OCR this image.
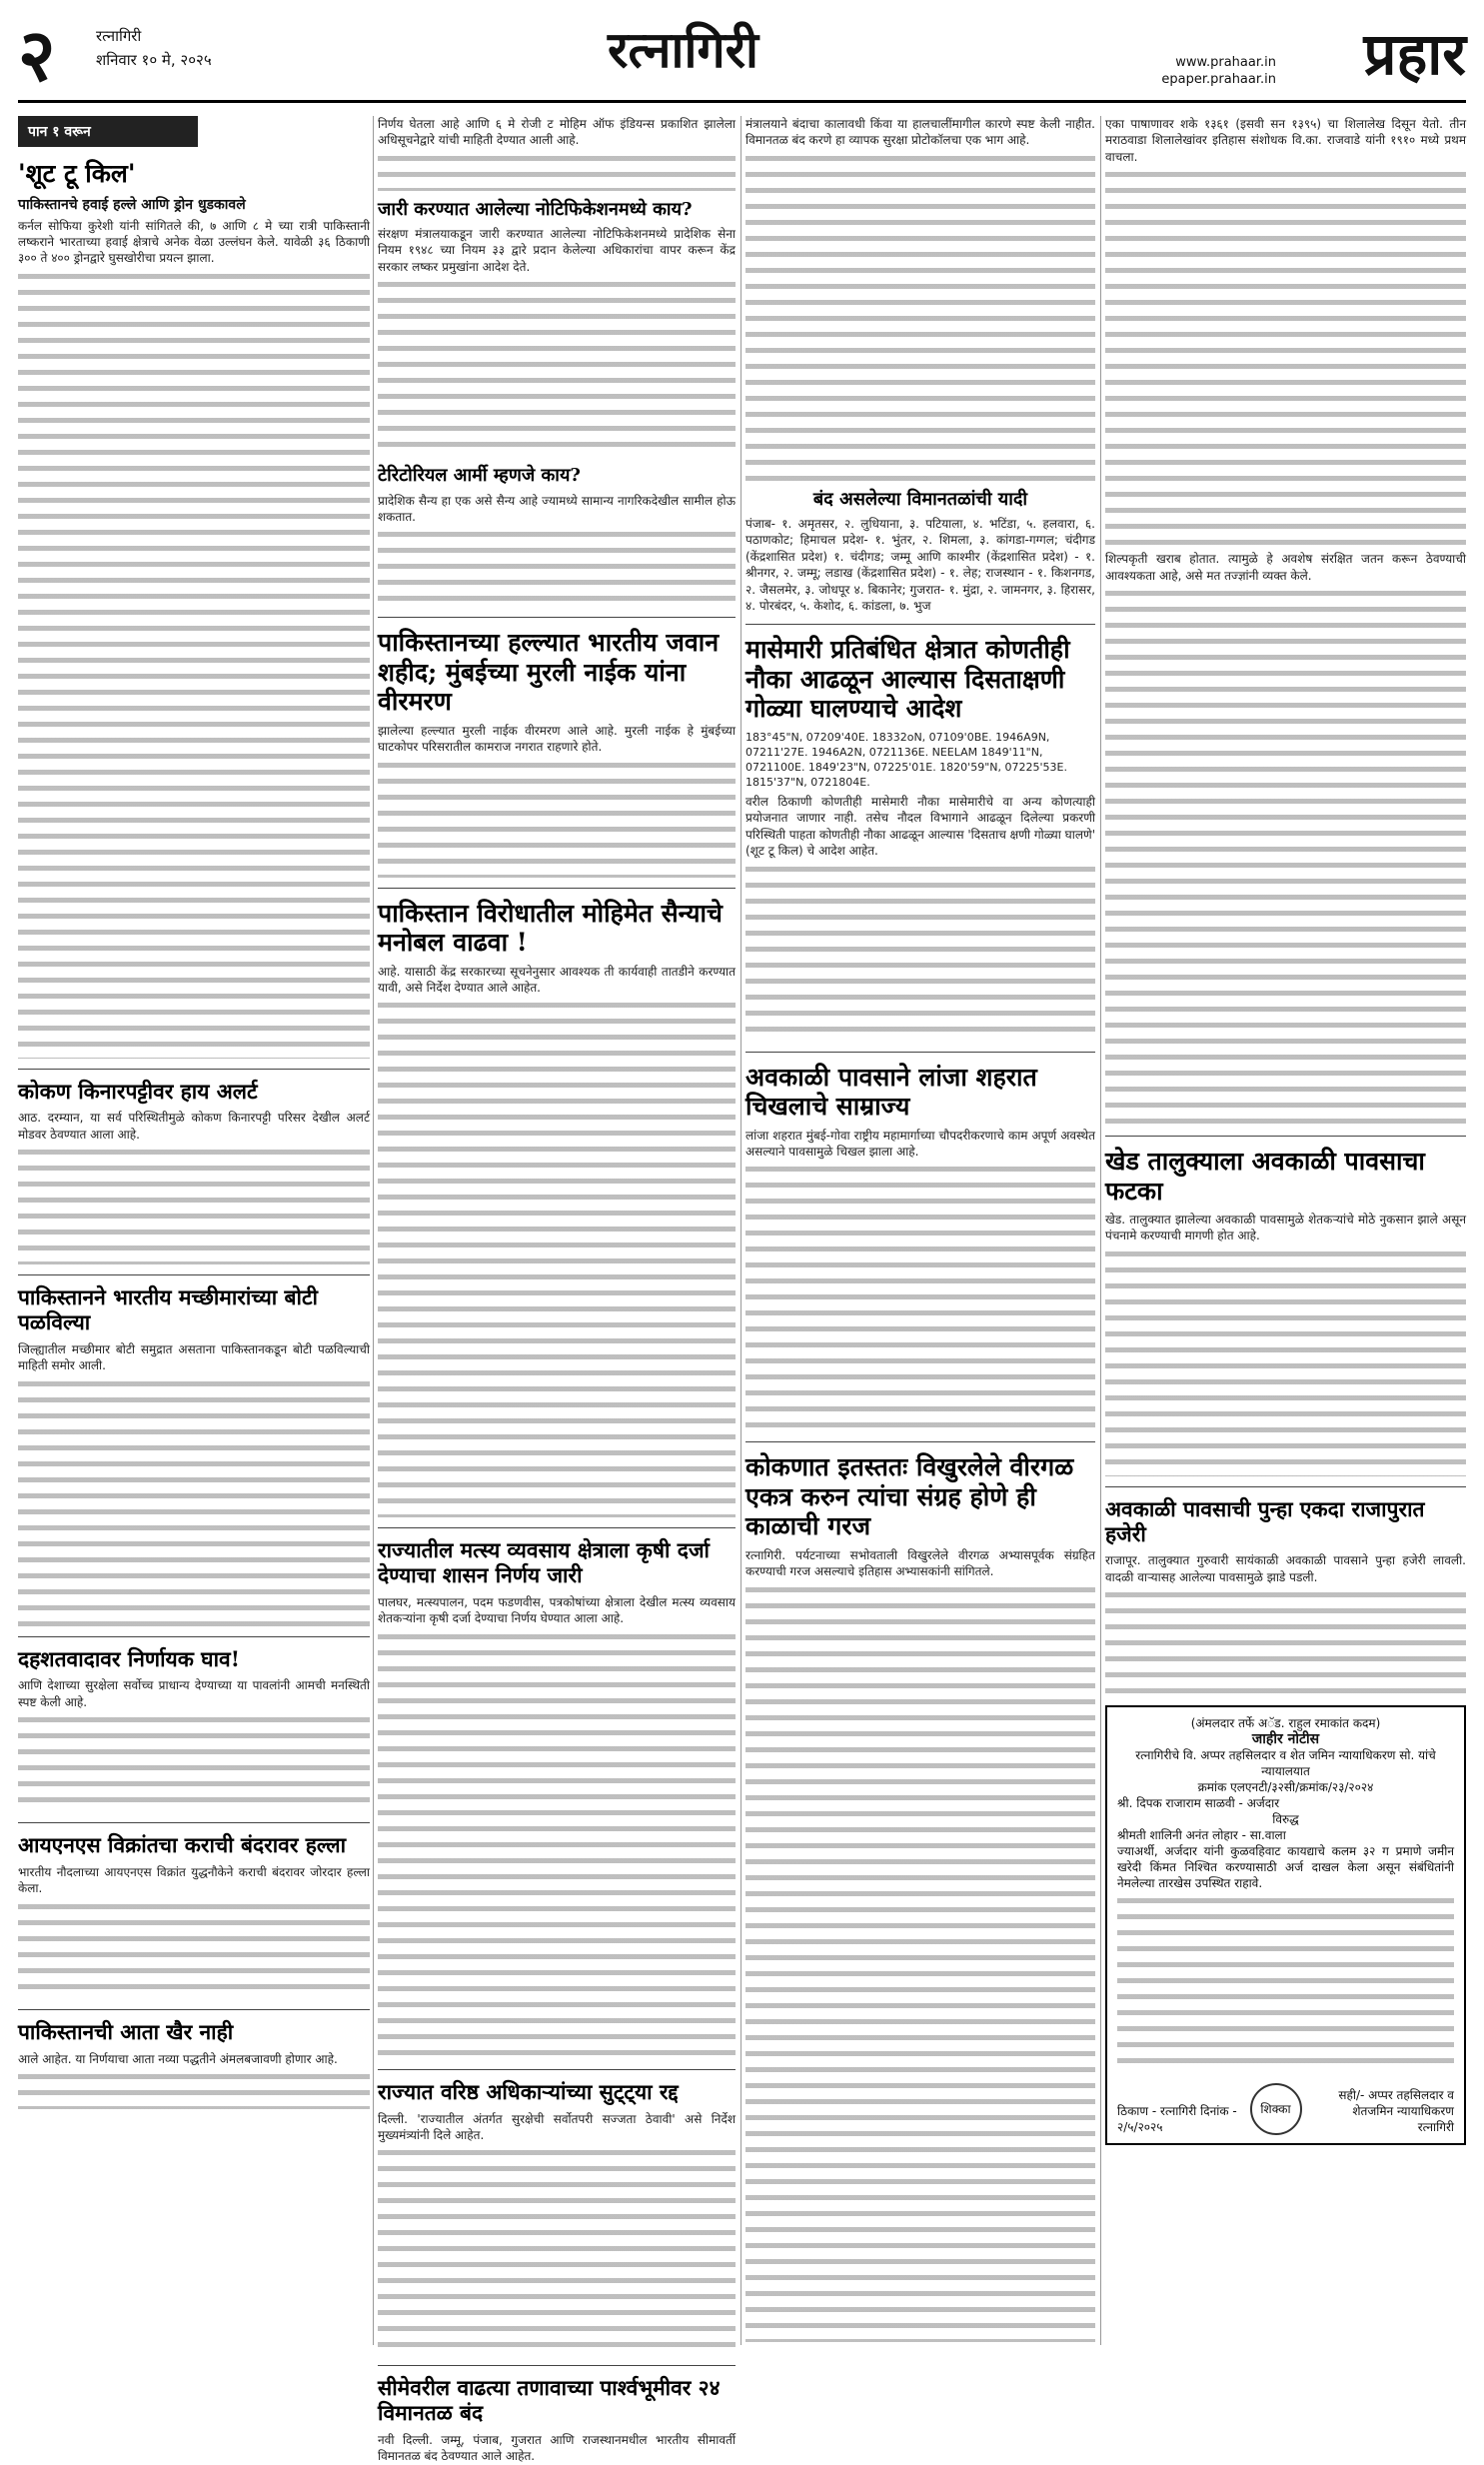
२	रत्नागिरी
शनिवार १० मे, २०२५	रत्नागिरी	www.prahaar.in
epaper.prahaar.in प्रहार
पान १ वरून
'शूट टू किल'
पाकिस्तानचे हवाई हल्ले आणि ड्रोन धुडकावले
कर्नल सोफिया कुरेशी यांनी सांगितले की, ७ आणि ८ मे च्या रात्री पाकिस्तानी लष्कराने भारताच्या हवाई क्षेत्राचे अनेक वेळा उल्लंघन केले. यावेळी ३६ ठिकाणी ३०० ते ४०० ड्रोनद्वारे घुसखोरीचा प्रयत्न झाला.
कोकण किनारपट्टीवर हाय अलर्ट
आठ. दरम्यान, या सर्व परिस्थितीमुळे कोकण किनारपट्टी परिसर देखील अलर्ट मोडवर ठेवण्यात आला आहे.
पाकिस्तानने भारतीय मच्छीमारांच्या बोटी पळविल्या
जिल्ह्यातील मच्छीमार बोटी समुद्रात असताना पाकिस्तानकडून बोटी पळविल्याची माहिती समोर आली.
दहशतवादावर निर्णायक घाव!
आणि देशाच्या सुरक्षेला सर्वोच्च प्राधान्य देण्याच्या या पावलांनी आमची मनस्थिती स्पष्ट केली आहे.
आयएनएस विक्रांतचा कराची बंदरावर हल्ला
भारतीय नौदलाच्या आयएनएस विक्रांत युद्धनौकेने कराची बंदरावर जोरदार हल्ला केला.
पाकिस्तानची आता खैर नाही
आले आहेत. या निर्णयाचा आता नव्या पद्धतीने अंमलबजावणी होणार आहे.
निर्णय घेतला आहे आणि ६ मे रोजी ट मोहिम ऑफ इंडियन्स प्रकाशित झालेला अधिसूचनेद्वारे यांची माहिती देण्यात आली आहे.
जारी करण्यात आलेल्या नोटिफिकेशनमध्ये काय?
संरक्षण मंत्रालयाकडून जारी करण्यात आलेल्या नोटिफिकेशनमध्ये प्रादेशिक सेना नियम १९४८ च्या नियम ३३ द्वारे प्रदान केलेल्या अधिकारांचा वापर करून केंद्र सरकार लष्कर प्रमुखांना आदेश देते.
टेरिटोरियल आर्मी म्हणजे काय?
प्रादेशिक सैन्य हा एक असे सैन्य आहे ज्यामध्ये सामान्य नागरिकदेखील सामील होऊ शकतात.
पाकिस्तानच्या हल्ल्यात भारतीय जवान शहीद; मुंबईच्या मुरली नाईक यांना वीरमरण
झालेल्या हल्ल्यात मुरली नाईक वीरमरण आले आहे. मुरली नाईक हे मुंबईच्या घाटकोपर परिसरातील कामराज नगरात राहणारे होते.
पाकिस्तान विरोधातील मोहिमेत सैन्याचे मनोबल वाढवा !
आहे. यासाठी केंद्र सरकारच्या सूचनेनुसार आवश्यक ती कार्यवाही तातडीने करण्यात यावी, असे निर्देश देण्यात आले आहेत.
राज्यातील मत्स्य व्यवसाय क्षेत्राला कृषी दर्जा देण्याचा शासन निर्णय जारी
पालघर, मत्स्यपालन, पदम फडणवीस, पत्रकोषांच्या क्षेत्राला देखील मत्स्य व्यवसाय शेतकऱ्यांना कृषी दर्जा देण्याचा निर्णय घेण्यात आला आहे.
राज्यात वरिष्ठ अधिकाऱ्यांच्या सुट्ट्या रद्द
दिल्ली. 'राज्यातील अंतर्गत सुरक्षेची सर्वोतपरी सज्जता ठेवावी' असे निर्देश मुख्यमंत्र्यांनी दिले आहेत.
सीमेवरील वाढत्या तणावाच्या पार्श्वभूमीवर २४ विमानतळ बंद
नवी दिल्ली. जम्मू, पंजाब, गुजरात आणि राजस्थानमधील भारतीय सीमावर्ती विमानतळ बंद ठेवण्यात आले आहेत.
मंत्रालयाने बंदाचा कालावधी किंवा या हालचालींमागील कारणे स्पष्ट केली नाहीत. विमानतळ बंद करणे हा व्यापक सुरक्षा प्रोटोकॉलचा एक भाग आहे.
बंद असलेल्या विमानतळांची यादी
पंजाब- १. अमृतसर, २. लुधियाना, ३. पटियाला, ४. भटिंडा, ५. हलवारा, ६. पठाणकोट; हिमाचल प्रदेश- १. भुंतर, २. शिमला, ३. कांगडा-गग्गल; चंदीगड (केंद्रशासित प्रदेश) १. चंदीगड; जम्मू आणि काश्मीर (केंद्रशासित प्रदेश) - १. श्रीनगर, २. जम्मू; लडाख (केंद्रशासित प्रदेश) - १. लेह; राजस्थान - १. किशनगड, २. जैसलमेर, ३. जोधपूर ४. बिकानेर; गुजरात- १. मुंद्रा, २. जामनगर, ३. हिरासर, ४. पोरबंदर, ५. केशोद, ६. कांडला, ७. भुज
मासेमारी प्रतिबंधित क्षेत्रात कोणतीही नौका आढळून आल्यास दिसताक्षणी गोळ्या घालण्याचे आदेश
183°45"N, 07209'40E. 18332oN, 07109'0BE. 1946A9N, 07211'27E. 1946A2N, 0721136E. NEELAM 1849'11"N, 0721100E. 1849'23"N, 07225'01E. 1820'59"N, 07225'53E. 1815'37"N, 0721804E.
वरील ठिकाणी कोणतीही मासेमारी नौका मासेमारीचे वा अन्य कोणत्याही प्रयोजनात जाणार नाही. तसेच नौदल विभागाने आढळून दिलेल्या प्रकरणी परिस्थिती पाहता कोणतीही नौका आढळून आल्यास 'दिसताच क्षणी गोळ्या घालणे' (शूट टू किल) चे आदेश आहेत.
अवकाळी पावसाने लांजा शहरात चिखलाचे साम्राज्य
लांजा शहरात मुंबई-गोवा राष्ट्रीय महामार्गाच्या चौपदरीकरणाचे काम अपूर्ण अवस्थेत असल्याने पावसामुळे चिखल झाला आहे.
कोकणात इतस्ततः विखुरलेले वीरगळ एकत्र करुन त्यांचा संग्रह होणे ही काळाची गरज
रत्नागिरी. पर्यटनाच्या सभोवताली विखुरलेले वीरगळ अभ्यासपूर्वक संग्रहित करण्याची गरज असल्याचे इतिहास अभ्यासकांनी सांगितले.
एका पाषाणावर शके १३६१ (इसवी सन १३९५) चा शिलालेख दिसून येतो. तीन मराठवाडा शिलालेखांवर इतिहास संशोधक वि.का. राजवाडे यांनी १९१० मध्ये प्रथम वाचला.
शिल्पकृती खराब होतात. त्यामुळे हे अवशेष संरक्षित जतन करून ठेवण्याची आवश्यकता आहे, असे मत तज्ज्ञांनी व्यक्त केले.
खेड तालुक्याला अवकाळी पावसाचा फटका
खेड. तालुक्यात झालेल्या अवकाळी पावसामुळे शेतकऱ्यांचे मोठे नुकसान झाले असून पंचनामे करण्याची मागणी होत आहे.
अवकाळी पावसाची पुन्हा एकदा राजापुरात हजेरी
राजापूर. तालुक्यात गुरुवारी सायंकाळी अवकाळी पावसाने पुन्हा हजेरी लावली. वादळी वाऱ्यासह आलेल्या पावसामुळे झाडे पडली.
(अंमलदार तर्फे अॅड. राहुल रमाकांत कदम)
जाहीर नोटीस
रत्नागिरीचे वि. अप्पर तहसिलदार व शेत जमिन न्यायाधिकरण सो. यांचे न्यायालयात
क्रमांक एलएनटी/३२सी/क्रमांक/२३/२०२४
श्री. दिपक राजाराम साळवी - अर्जदार
विरुद्ध
श्रीमती शालिनी अनंत लोहार - सा.वाला
ज्याअर्थी, अर्जदार यांनी कुळवहिवाट कायद्याचे कलम ३२ ग प्रमाणे जमीन खरेदी किंमत निश्चित करण्यासाठी अर्ज दाखल केला असून संबंधितांनी नेमलेल्या तारखेस उपस्थित राहावे.
ठिकाण - रत्नागिरी दिनांक - २/५/२०२५
शिक्का
सही/- अप्पर तहसिलदार व शेतजमिन न्यायाधिकरण रत्नागिरी
